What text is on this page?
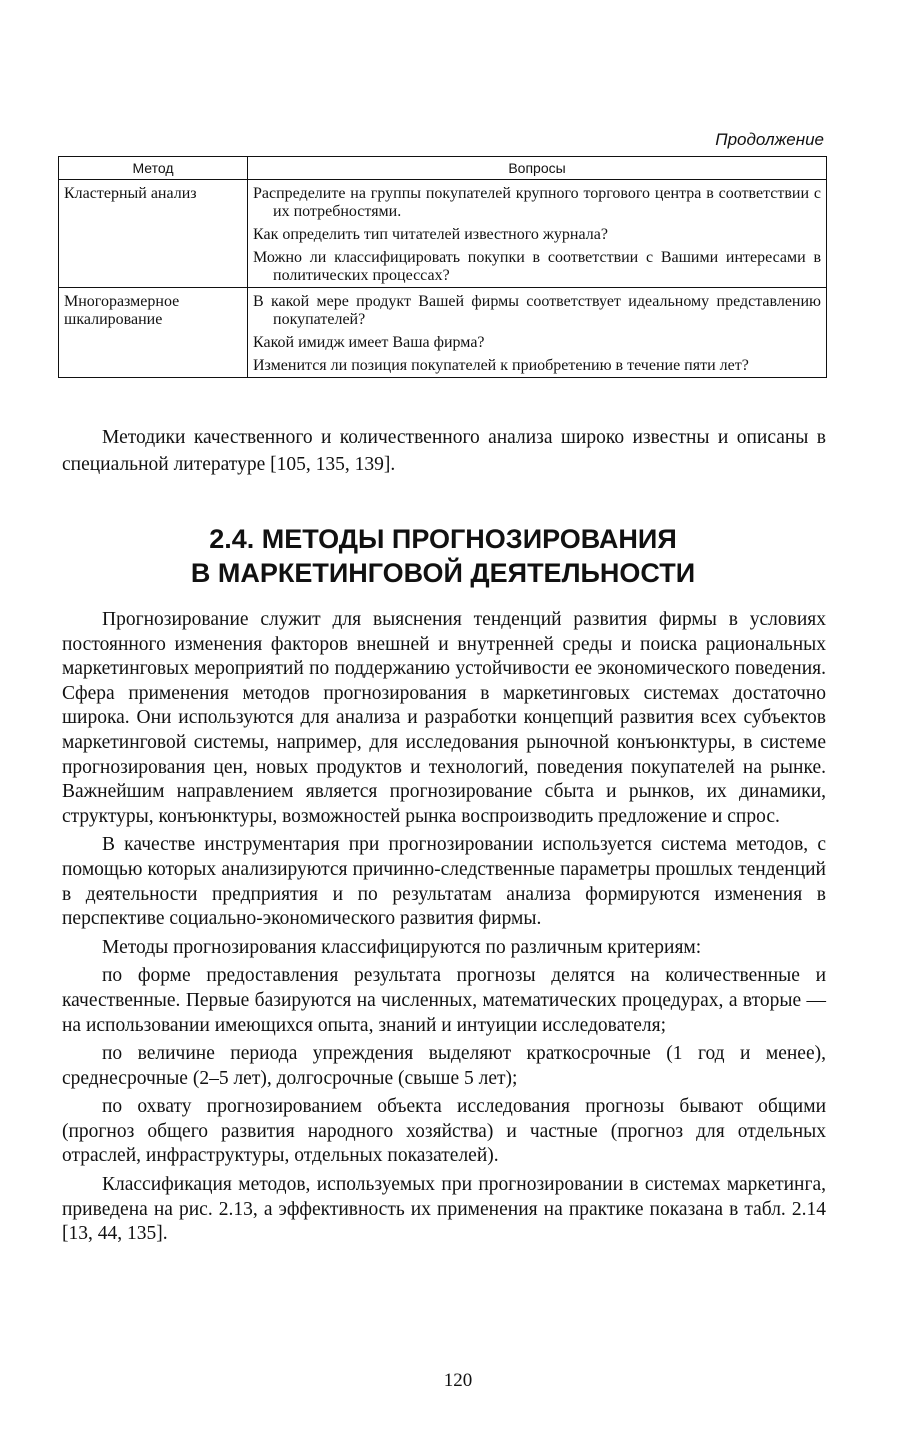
Продолжение
Метод	Вопросы
Кластерный анализ	Распределите на группы покупателей крупного торгового центра в соответствии с их потребностями.

Как определить тип читателей известного журнала?

Можно ли классифицировать покупки в соответствии с Вашими интересами в политических процессах?

Многоразмерное шкалирование	В какой мере продукт Вашей фирмы соответствует идеальному представлению покупателей?

Какой имидж имеет Ваша фирма?

Изменится ли позиция покупателей к приобретению в течение пяти лет?

Методики качественного и количественного анализа широко известны и описаны в специальной литературе [105, 135, 139].

2.4. МЕТОДЫ ПРОГНОЗИРОВАНИЯ
В МАРКЕТИНГОВОЙ ДЕЯТЕЛЬНОСТИ

Прогнозирование служит для выяснения тенденций развития фирмы в условиях постоянного изменения факторов внешней и внутренней среды и поиска рациональных маркетинговых мероприятий по поддержанию устойчивости ее экономического поведения. Сфера применения методов прогнозирования в маркетинговых системах достаточно широка. Они используются для анализа и разработки концепций развития всех субъектов маркетинговой системы, например, для исследования рыночной конъюнктуры, в системе прогнозирования цен, новых продуктов и технологий, поведения покупателей на рынке. Важнейшим направлением является прогнозирование сбыта и рынков, их динамики, структуры, конъюнктуры, возможностей рынка воспроизводить предложение и спрос.

В качестве инструментария при прогнозировании используется система методов, с помощью которых анализируются причинно-следственные параметры прошлых тенденций в деятельности предприятия и по результатам анализа формируются изменения в перспективе социально-экономического развития фирмы.

Методы прогнозирования классифицируются по различным критериям:

по форме предоставления результата прогнозы делятся на количественные и качественные. Первые базируются на численных, математических процедурах, а вторые — на использовании имеющихся опыта, знаний и интуиции исследователя;

по величине периода упреждения выделяют краткосрочные (1 год и менее), среднесрочные (2–5 лет), долгосрочные (свыше 5 лет);

по охвату прогнозированием объекта исследования прогнозы бывают общими (прогноз общего развития народного хозяйства) и частные (прогноз для отдельных отраслей, инфраструктуры, отдельных показателей).

Классификация методов, используемых при прогнозировании в системах маркетинга, приведена на рис. 2.13, а эффективность их применения на практике показана в табл. 2.14 [13, 44, 135].

120
